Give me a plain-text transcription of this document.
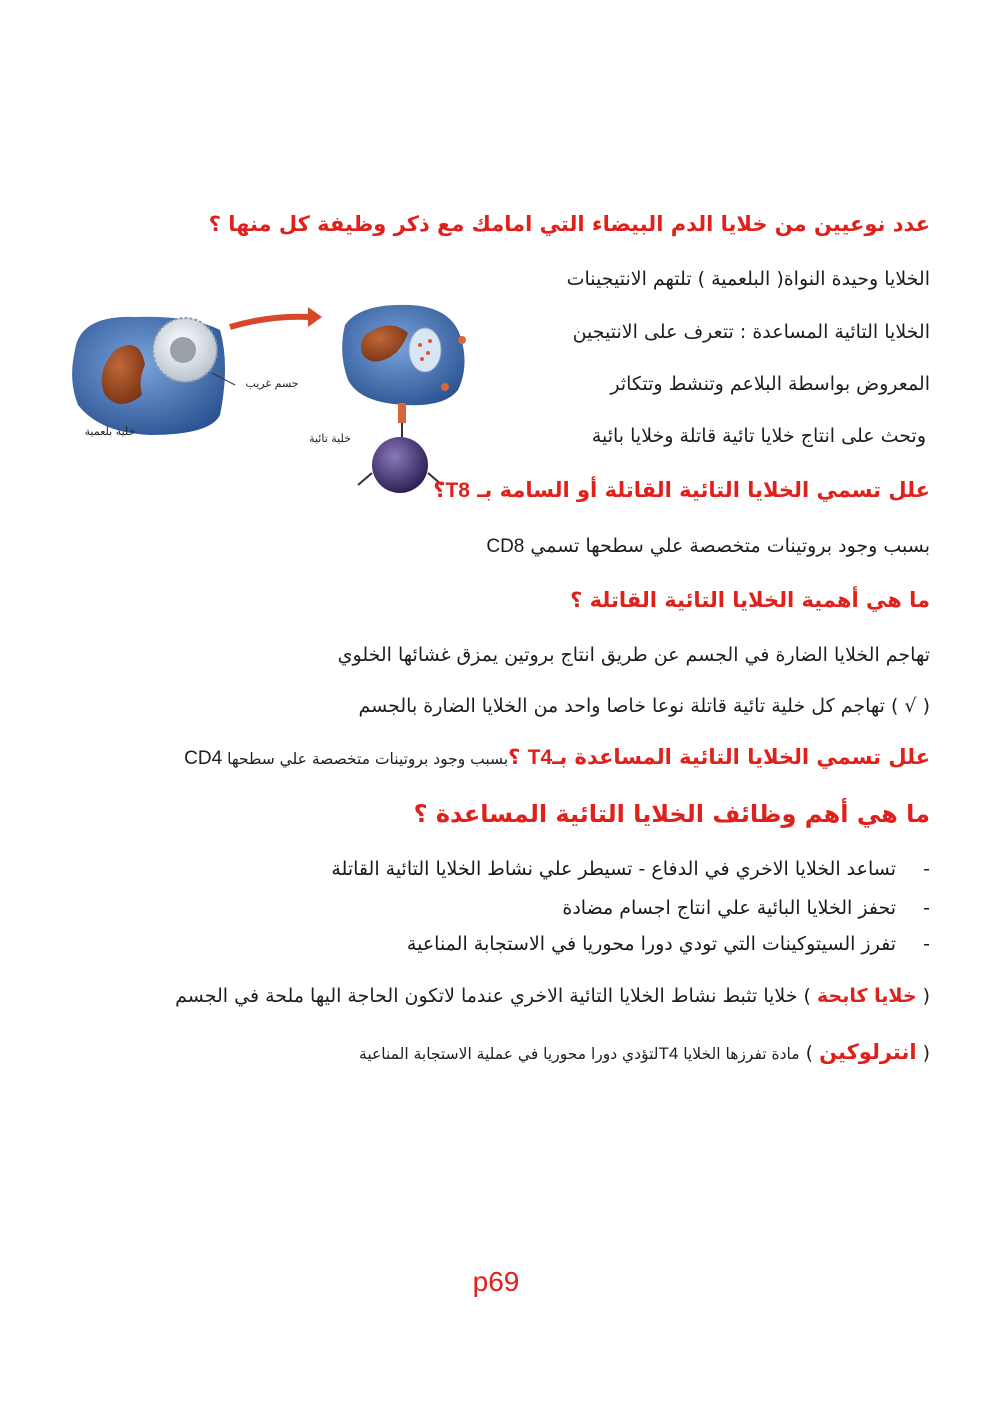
عدد نوعيين من خلايا الدم البيضاء التي امامك مع ذكر وظيفة كل منها ؟
الخلايا وحيدة النواة( البلعمية ) تلتهم الانتيجينات
الخلايا التائية المساعدة : تتعرف على الانتيجين
المعروض بواسطة البلاعم وتنشط وتتكاثر
وتحث على انتاج خلايا تائية قاتلة وخلايا بائية
جسم غريب
خلية بلعمية
خلية تائية
علل تسمي الخلايا التائية القاتلة أو السامة بـ T8؟
بسبب وجود بروتينات متخصصة علي سطحها تسمي CD8
ما هي أهمية الخلايا التائية القاتلة ؟
تهاجم الخلايا الضارة في الجسم عن طريق انتاج بروتين يمزق غشائها الخلوي
( √ ) تهاجم كل خلية تائية قاتلة نوعا خاصا واحد من الخلايا الضارة بالجسم
علل تسمي الخلايا التائية المساعدة بـT4 ؟بسبب وجود بروتينات متخصصة علي سطحها CD4
ما هي أهم وظائف الخلايا التائية المساعدة ؟
-تساعد الخلايا الاخري في الدفاع - تسيطر علي نشاط الخلايا التائية القاتلة
-تحفز الخلايا البائية علي انتاج اجسام مضادة
-تفرز السيتوكينات التي تودي دورا محوريا في الاستجابة المناعية
( خلايا كابحة ) خلايا تثبط نشاط الخلايا التائية الاخري عندما لاتكون الحاجة اليها ملحة في الجسم
( انترلوكين ) مادة تفرزها الخلايا T4لتؤدي دورا محوريا في عملية الاستجابة المناعية
p69
